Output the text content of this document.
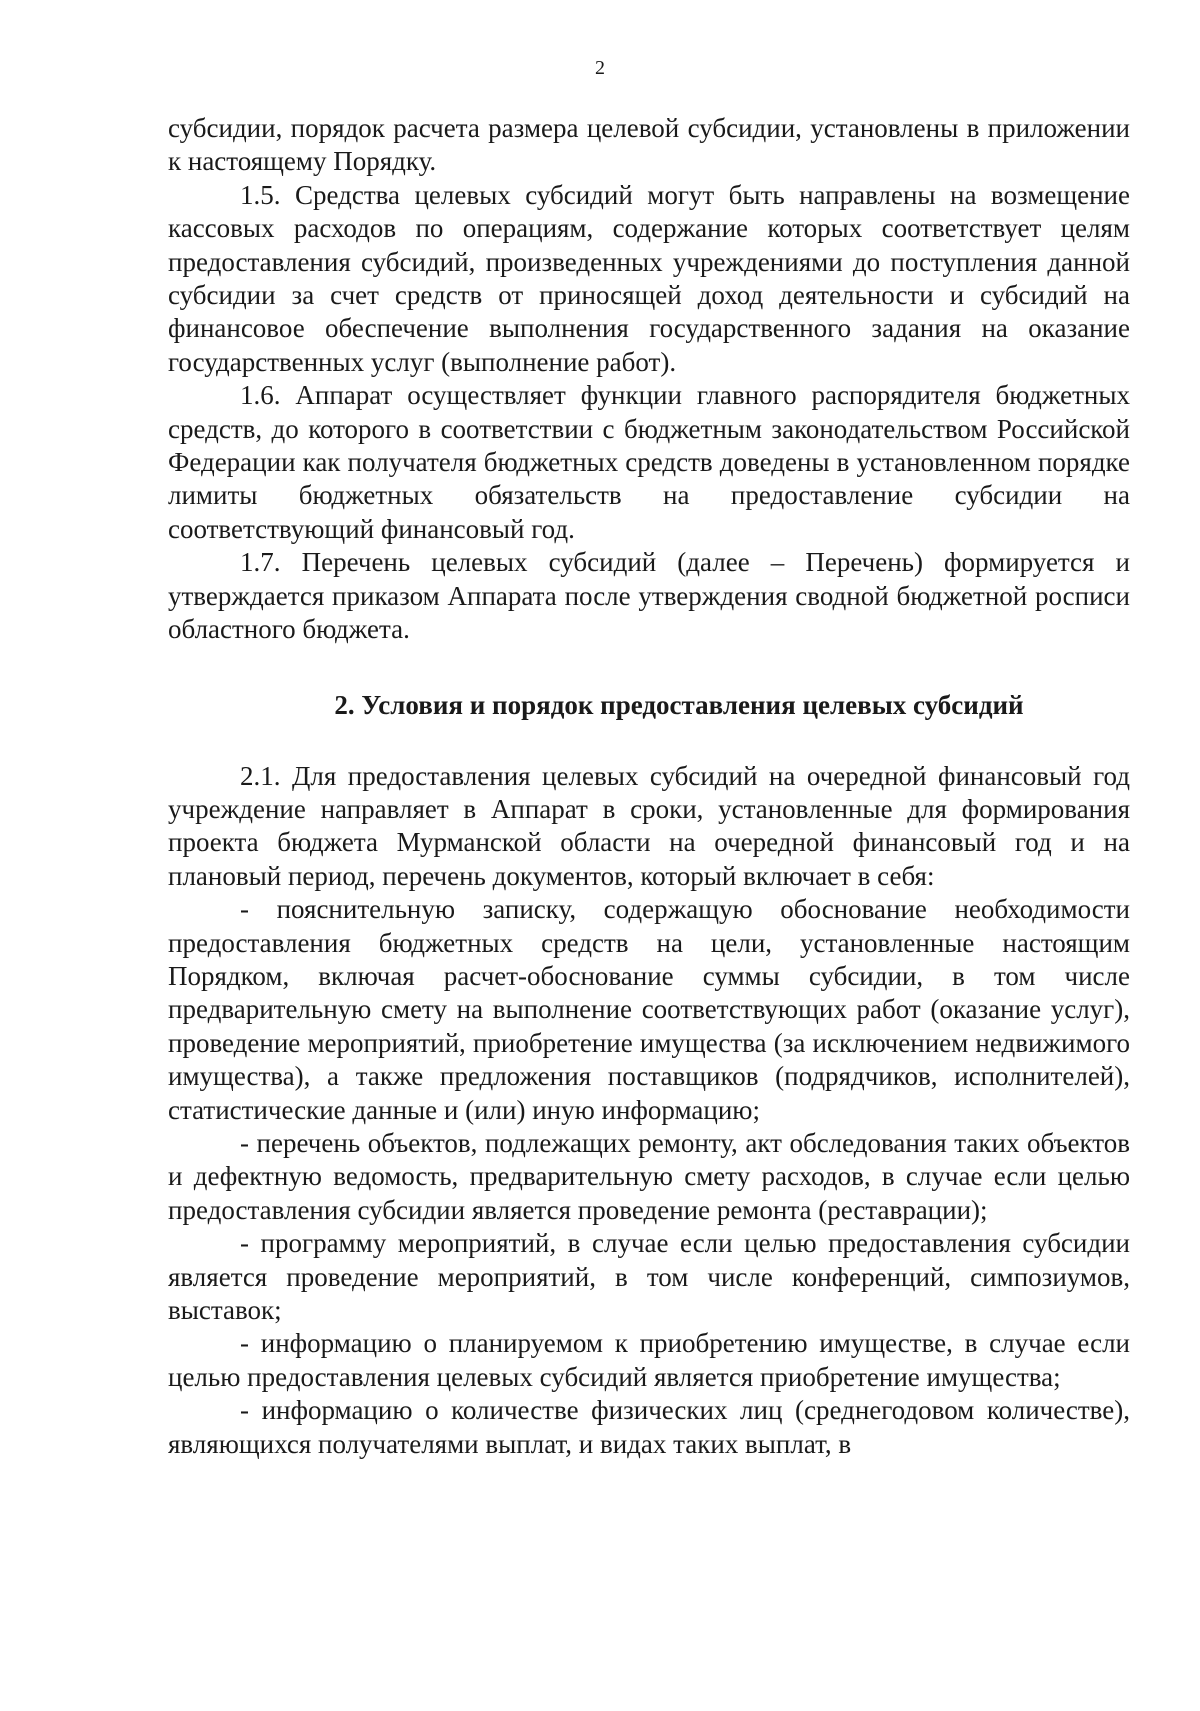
2

субсидии, порядок расчета размера целевой субсидии, установлены в приложении к настоящему Порядку.

1.5. Средства целевых субсидий могут быть направлены на возмещение кассовых расходов по операциям, содержание которых соответствует целям предоставления субсидий, произведенных учреждениями до поступления данной субсидии за счет средств от приносящей доход деятельности и субсидий на финансовое обеспечение выполнения государственного задания на оказание государственных услуг (выполнение работ).

1.6. Аппарат осуществляет функции главного распорядителя бюджетных средств, до которого в соответствии с бюджетным законодательством Российской Федерации как получателя бюджетных средств доведены в установленном порядке лимиты бюджетных обязательств на предоставление субсидии на соответствующий финансовый год.

1.7. Перечень целевых субсидий (далее – Перечень) формируется и утверждается приказом Аппарата после утверждения сводной бюджетной росписи областного бюджета.

2. Условия и порядок предоставления целевых субсидий

2.1. Для предоставления целевых субсидий на очередной финансовый год учреждение направляет в Аппарат в сроки, установленные для формирования проекта бюджета Мурманской области на очередной финансовый год и на плановый период, перечень документов, который включает в себя:

- пояснительную записку, содержащую обоснование необходимости предоставления бюджетных средств на цели, установленные настоящим Порядком, включая расчет-обоснование суммы субсидии, в том числе предварительную смету на выполнение соответствующих работ (оказание услуг), проведение мероприятий, приобретение имущества (за исключением недвижимого имущества), а также предложения поставщиков (подрядчиков, исполнителей), статистические данные и (или) иную информацию;

- перечень объектов, подлежащих ремонту, акт обследования таких объектов и дефектную ведомость, предварительную смету расходов, в случае если целью предоставления субсидии является проведение ремонта (реставрации);

- программу мероприятий, в случае если целью предоставления субсидии является проведение мероприятий, в том числе конференций, симпозиумов, выставок;

- информацию о планируемом к приобретению имуществе, в случае если целью предоставления целевых субсидий является приобретение имущества;

- информацию о количестве физических лиц (среднегодовом количестве), являющихся получателями выплат, и видах таких выплат, в
